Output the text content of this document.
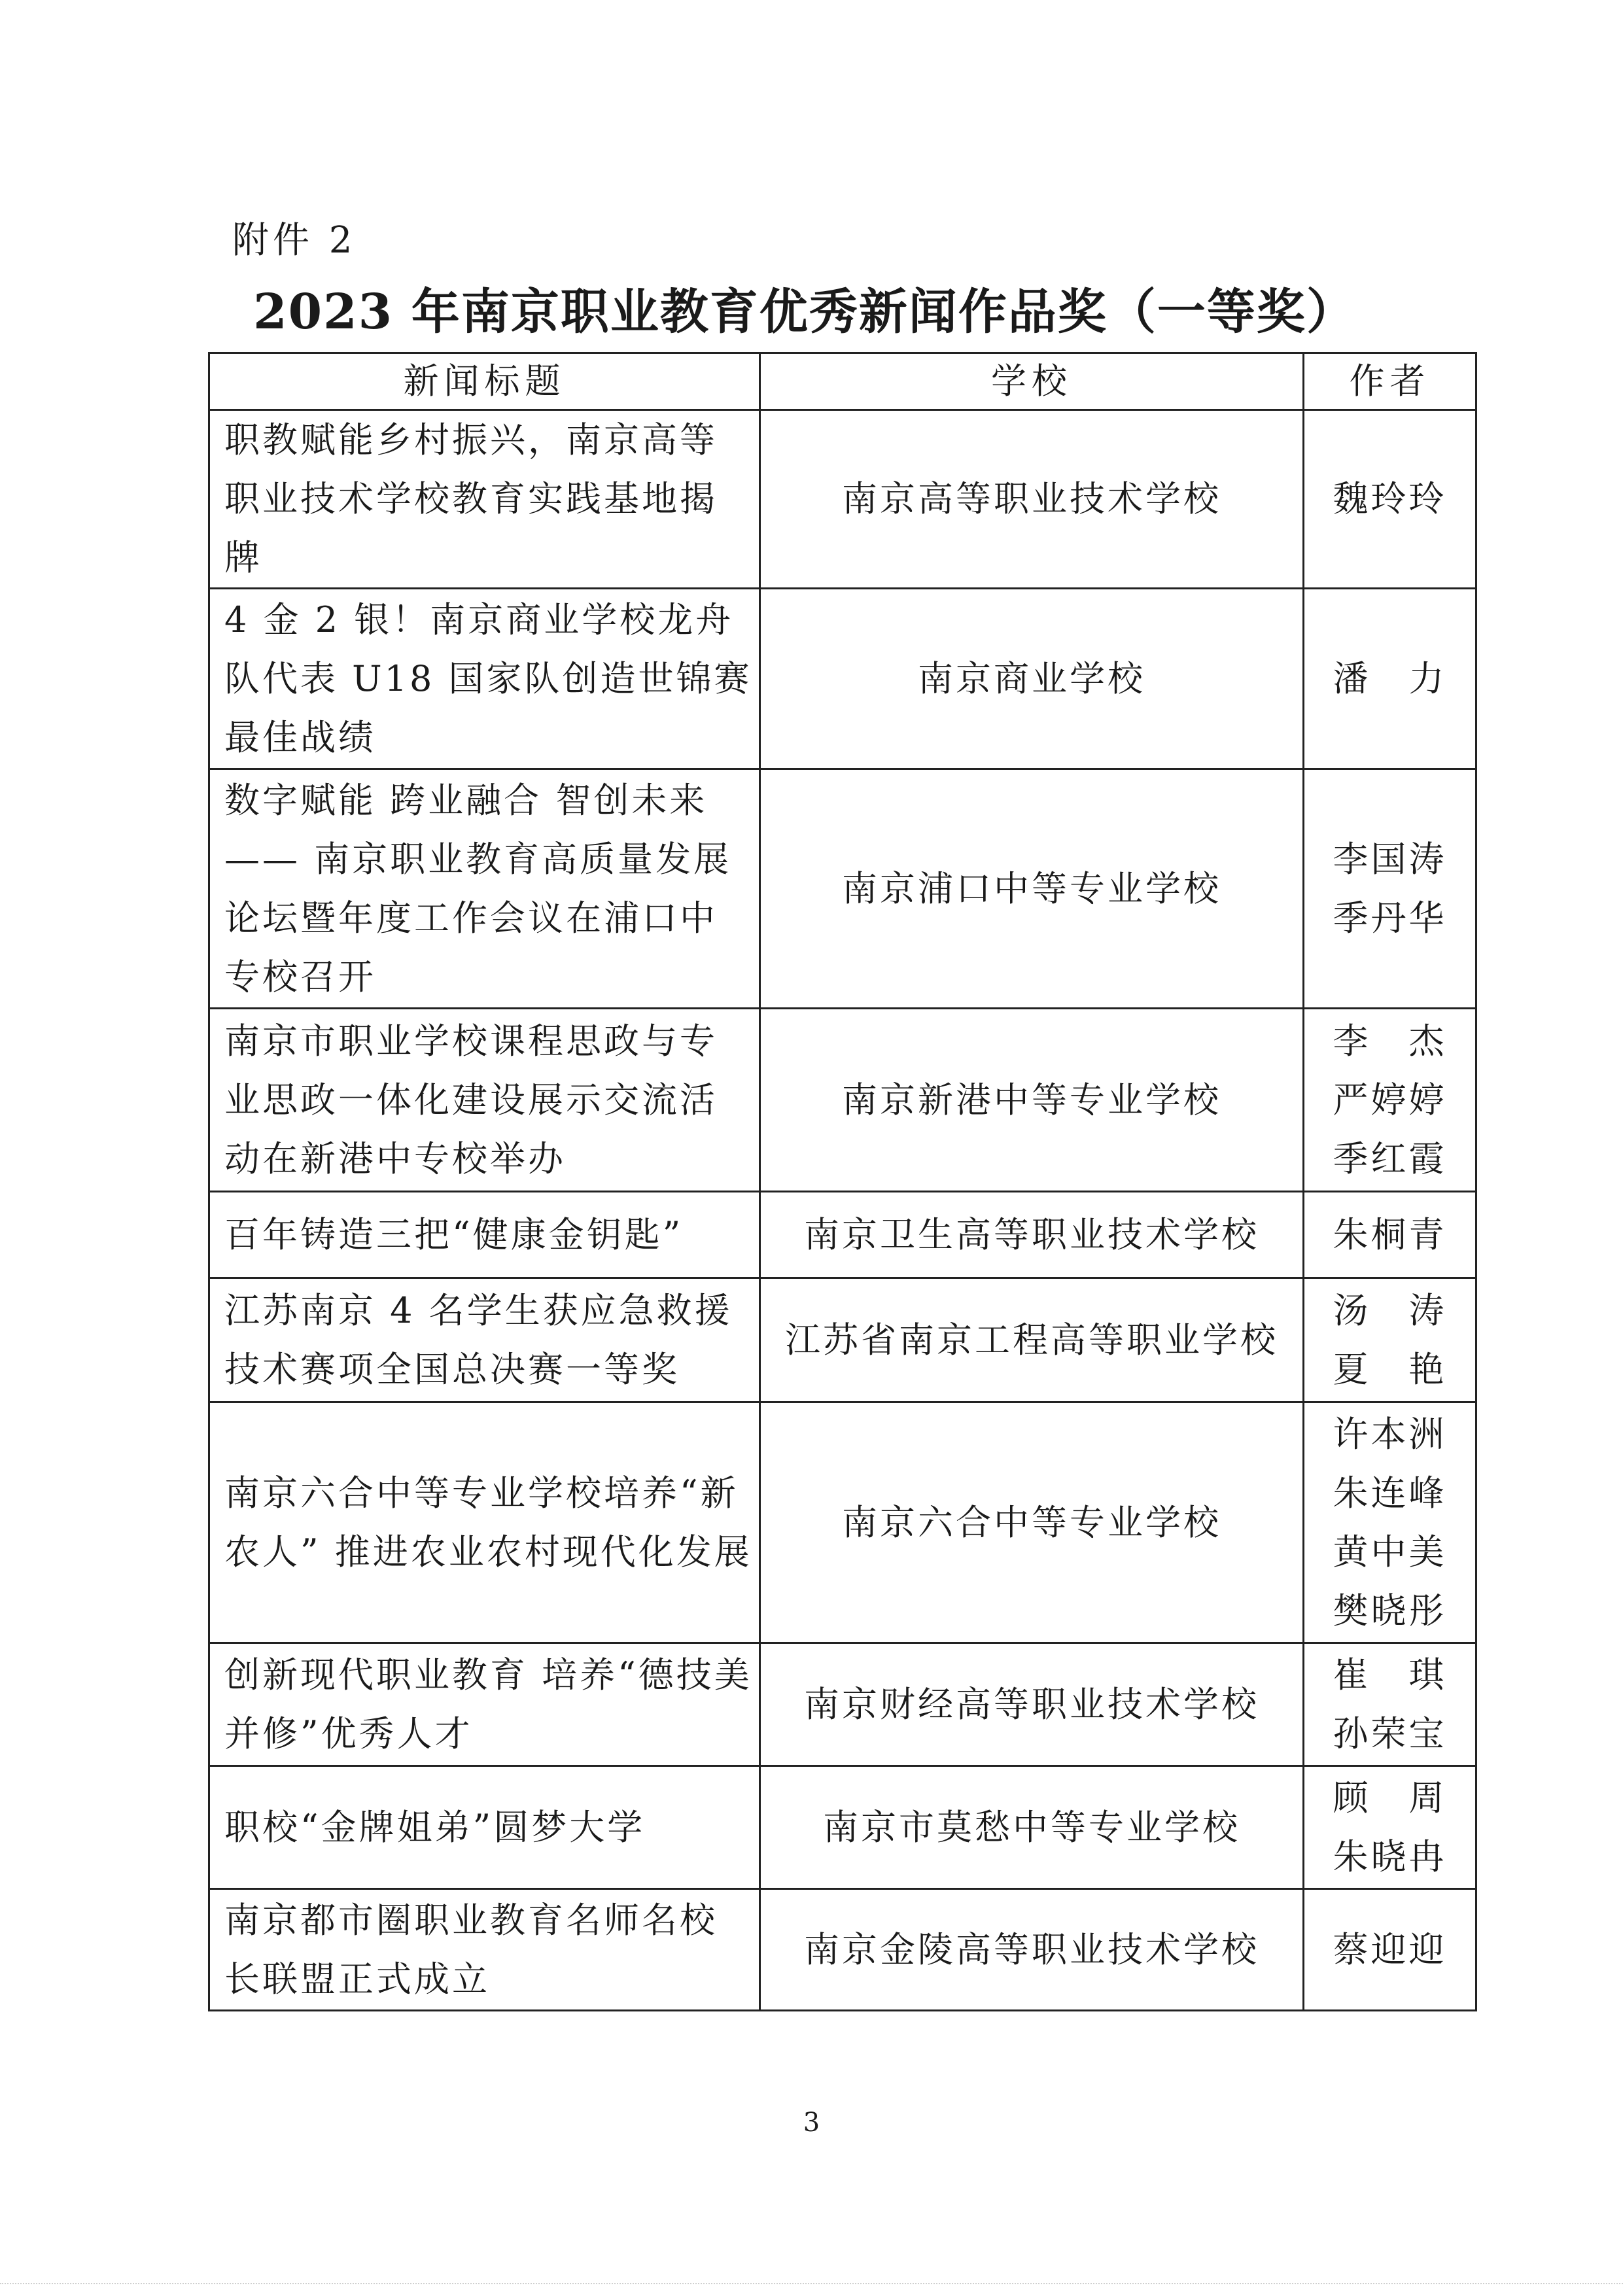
附件 2
2023 年南京职业教育优秀新闻作品奖（一等奖）
新闻标题	学校	作者
职教赋能乡村振兴，南京高等职业技术学校教育实践基地揭牌	南京高等职业技术学校	魏玲玲

4 金 2 银！南京商业学校龙舟队代表 U18 国家队创造世锦赛最佳战绩	南京商业学校	潘　力

数字赋能 跨业融合 智创未来—— 南京职业教育高质量发展论坛暨年度工作会议在浦口中专校召开	南京浦口中等专业学校	李国涛
季丹华

南京市职业学校课程思政与专业思政一体化建设展示交流活动在新港中专校举办	南京新港中等专业学校	李　杰
严婷婷
季红霞

百年铸造三把“健康金钥匙”	南京卫生高等职业技术学校	朱桐青

江苏南京 4 名学生获应急救援技术赛项全国总决赛一等奖	江苏省南京工程高等职业学校	汤　涛
夏　艳

南京六合中等专业学校培养“新农人” 推进农业农村现代化发展	南京六合中等专业学校	许本洲
朱连峰
黄中美
樊晓彤

创新现代职业教育 培养“德技美并修”优秀人才	南京财经高等职业技术学校	崔　琪
孙荣宝

职校“金牌姐弟”圆梦大学	南京市莫愁中等专业学校	顾　周
朱晓冉

南京都市圈职业教育名师名校长联盟正式成立	南京金陵高等职业技术学校	蔡迎迎
3
